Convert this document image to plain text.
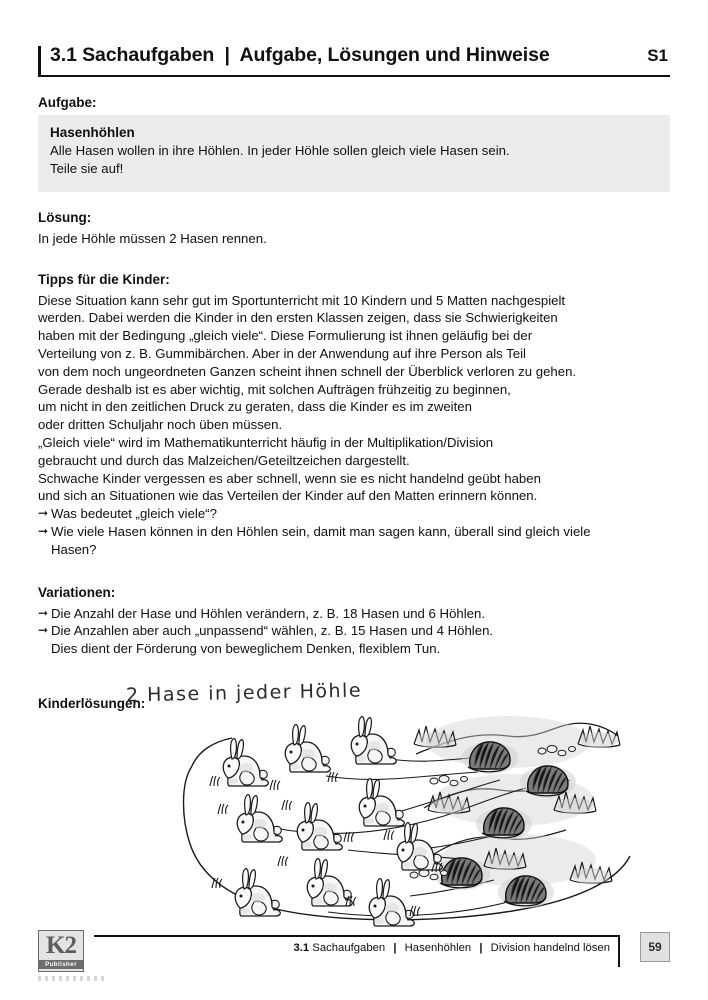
3.1 Sachaufgaben | Aufgabe, Lösungen und Hinweise	S1
Aufgabe:
Hasenhöhlen
Alle Hasen wollen in ihre Höhlen. In jeder Höhle sollen gleich viele Hasen sein.
Teile sie auf!
Lösung:
In jede Höhle müssen 2 Hasen rennen.
Tipps für die Kinder:
Diese Situation kann sehr gut im Sportunterricht mit 10 Kindern und 5 Matten nachgespielt
werden. Dabei werden die Kinder in den ersten Klassen zeigen, dass sie Schwierigkeiten
haben mit der Bedingung „gleich viele“. Diese Formulierung ist ihnen geläufig bei der
Verteilung von z. B. Gummibärchen. Aber in der Anwendung auf ihre Person als Teil
von dem noch ungeordneten Ganzen scheint ihnen schnell der Überblick verloren zu gehen.
Gerade deshalb ist es aber wichtig, mit solchen Aufträgen frühzeitig zu beginnen,
um nicht in den zeitlichen Druck zu geraten, dass die Kinder es im zweiten
oder dritten Schuljahr noch üben müssen.
„Gleich viele“ wird im Mathematikunterricht häufig in der Multiplikation/Division
gebraucht und durch das Malzeichen/Geteiltzeichen dargestellt.
Schwache Kinder vergessen es aber schnell, wenn sie es nicht handelnd geübt haben
und sich an Situationen wie das Verteilen der Kinder auf den Matten erinnern können.
➞ Was bedeutet „gleich viele“?
➞ Wie viele Hasen können in den Höhlen sein, damit man sagen kann, überall sind gleich viele
Hasen?
Variationen:
➞ Die Anzahl der Hase und Höhlen verändern, z. B. 18 Hasen und 6 Höhlen.
➞ Die Anzahlen aber auch „unpassend“ wählen, z. B. 15 Hasen und 4 Höhlen.
Dies dient der Förderung von beweglichem Denken, flexiblem Tun.
Kinderlösungen:
2 Hase in jeder Höhle
K2
Publisher
3.1 Sachaufgaben | Hasenhöhlen | Division handelnd lösen	59
